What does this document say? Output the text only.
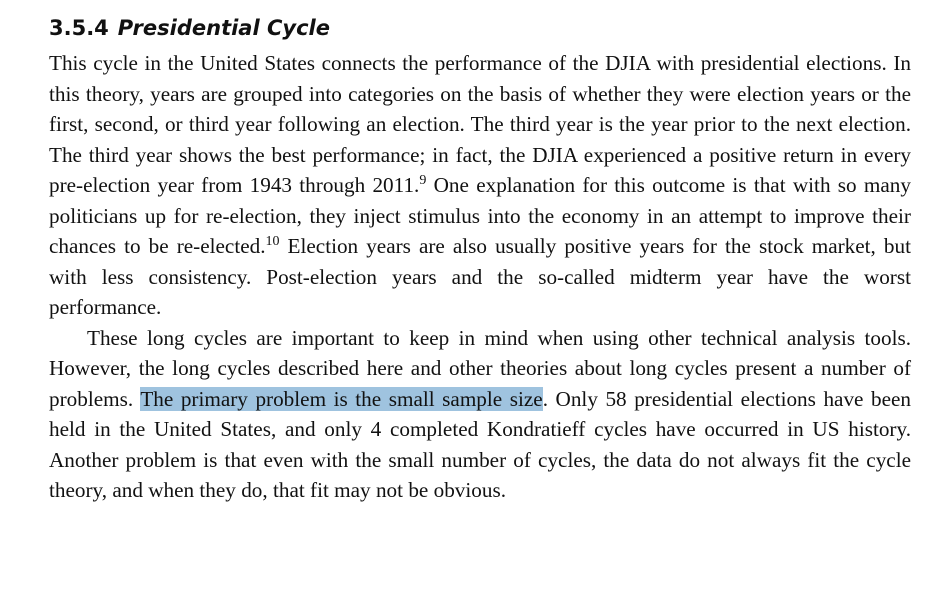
3.5.4 Presidential Cycle

This cycle in the United States connects the performance of the DJIA with presidential elections. In this theory, years are grouped into categories on the basis of whether they were election years or the first, second, or third year following an election. The third year is the year prior to the next election. The third year shows the best performance; in fact, the DJIA experienced a positive return in every pre-election year from 1943 through 2011.$^9$ One explanation for this outcome is that with so many politicians up for re-election, they inject stimulus into the economy in an attempt to improve their chances to be re-elected.$^{10}$ Election years are also usually positive years for the stock market, but with less consistency. Post-election years and the so-called midterm year have the worst performance.

These long cycles are important to keep in mind when using other technical analysis tools. However, the long cycles described here and other theories about long cycles present a number of problems. The primary problem is the small sample size. Only 58 presidential elections have been held in the United States, and only 4 completed Kondratieff cycles have occurred in US history. Another problem is that even with the small number of cycles, the data do not always fit the cycle theory, and when they do, that fit may not be obvious.
